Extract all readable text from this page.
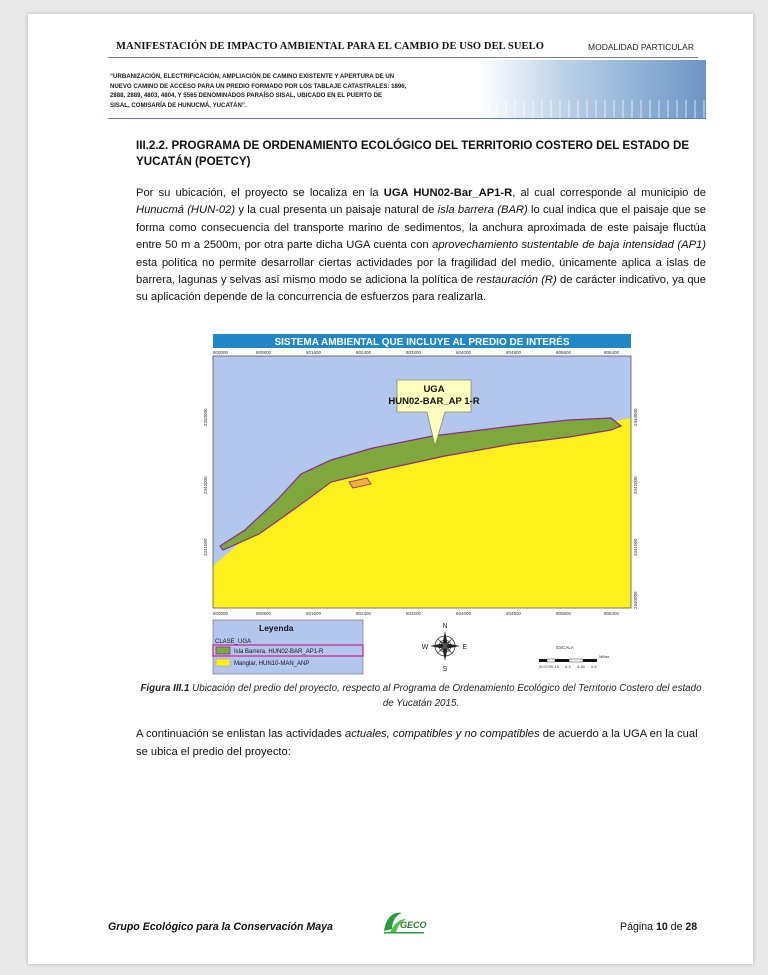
MANIFESTACIÓN DE IMPACTO AMBIENTAL PARA EL CAMBIO DE USO DEL SUELO	MODALIDAD PARTICULAR
“URBANIZACIÓN, ELECTRIFICACIÓN, AMPLIACIÓN DE CAMINO EXISTENTE Y APERTURA DE UN
NUEVO CAMINO DE ACCESO PARA UN PREDIO FORMADO POR LOS TABLAJE CATASTRALES: 1896,
2888, 2889, 4803, 4804, Y 5565 DENOMINADOS PARAÍSO SISAL, UBICADO EN EL PUERTO DE
SISAL, COMISARÍA DE HUNUCMÁ, YUCATÁN”.
III.2.2. PROGRAMA DE ORDENAMIENTO ECOLÓGICO DEL TERRITORIO COSTERO DEL ESTADO DE YUCATÁN (POETCY)
Por su ubicación, el proyecto se localiza en la UGA HUN02-Bar_AP1-R, al cual corresponde al municipio de Hunucmá (HUN-02) y la cual presenta un paisaje natural de isla barrera (BAR) lo cual indica que el paisaje que se forma como consecuencia del transporte marino de sedimentos, la anchura aproximada de este paisaje fluctúa entre 50 m a 2500m, por otra parte dicha UGA cuenta con aprovechamiento sustentable de baja intensidad (AP1) esta política no permite desarrollar ciertas actividades por la fragilidad del medio, únicamente aplica a islas de barrera, lagunas y selvas así mismo modo se adiciona la política de restauración (R) de carácter indicativo, ya que su aplicación depende de la concurrencia de esfuerzos para realizarla.
SISTEMA AMBIENTAL QUE INCLUYE AL PREDIO DE INTERÉS
UGA
HUN02-BAR_AP 1-R
800000	800800	801600	802400	803200	804000	804800	805600	806400
800000	800800	801600	802400	803200	804000	804800	805600	806400
2343000
2342000
2341000
2343000
2342000
2341000
2340000
Leyenda
CLASE_UGA
Isla Barrera, HUN02-BAR_AP1-R
Manglar, HUN10-MAN_ANP
N
S
E
W	ESCALA
Millas
00.0700.15 0.3 0.45 0.6
Figura III.1 Ubicación del predio del proyecto, respecto al Programa de Ordenamiento Ecológico del Territorio Costero del estado de Yucatán 2015.
A continuación se enlistan las actividades actuales, compatibles y no compatibles de acuerdo a la UGA en la cual se ubica el predio del proyecto:
Grupo Ecológico para la Conservación Maya	GECO	Página 10 de 28
